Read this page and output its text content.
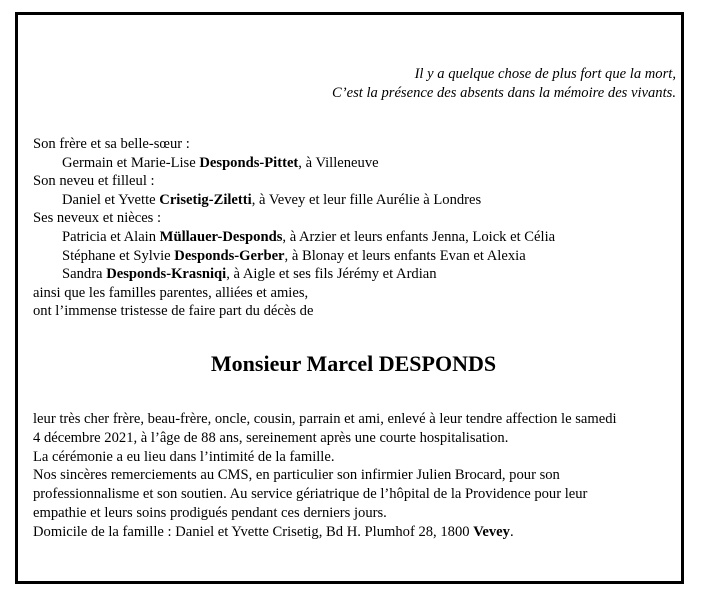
Il y a quelque chose de plus fort que la mort,
C’est la présence des absents dans la mémoire des vivants.
Son frère et sa belle-sœur :
Germain et Marie-Lise Desponds-Pittet, à Villeneuve
Son neveu et filleul :
Daniel et Yvette Crisetig-Ziletti, à Vevey et leur fille Aurélie à Londres
Ses neveux et nièces :
Patricia et Alain Müllauer-Desponds, à Arzier et leurs enfants Jenna, Loick et Célia
Stéphane et Sylvie Desponds-Gerber, à Blonay et leurs enfants Evan et Alexia
Sandra Desponds-Krasniqi, à Aigle et ses fils Jérémy et Ardian
ainsi que les familles parentes, alliées et amies,
ont l’immense tristesse de faire part du décès de
Monsieur Marcel DESPONDS
leur très cher frère, beau-frère, oncle, cousin, parrain et ami, enlevé à leur tendre affection le samedi
4 décembre 2021, à l’âge de 88 ans, sereinement après une courte hospitalisation.
La cérémonie a eu lieu dans l’intimité de la famille.
Nos sincères remerciements au CMS, en particulier son infirmier Julien Brocard, pour son
professionnalisme et son soutien. Au service gériatrique de l’hôpital de la Providence pour leur
empathie et leurs soins prodigués pendant ces derniers jours.
Domicile de la famille : Daniel et Yvette Crisetig, Bd H. Plumhof 28, 1800 Vevey.
